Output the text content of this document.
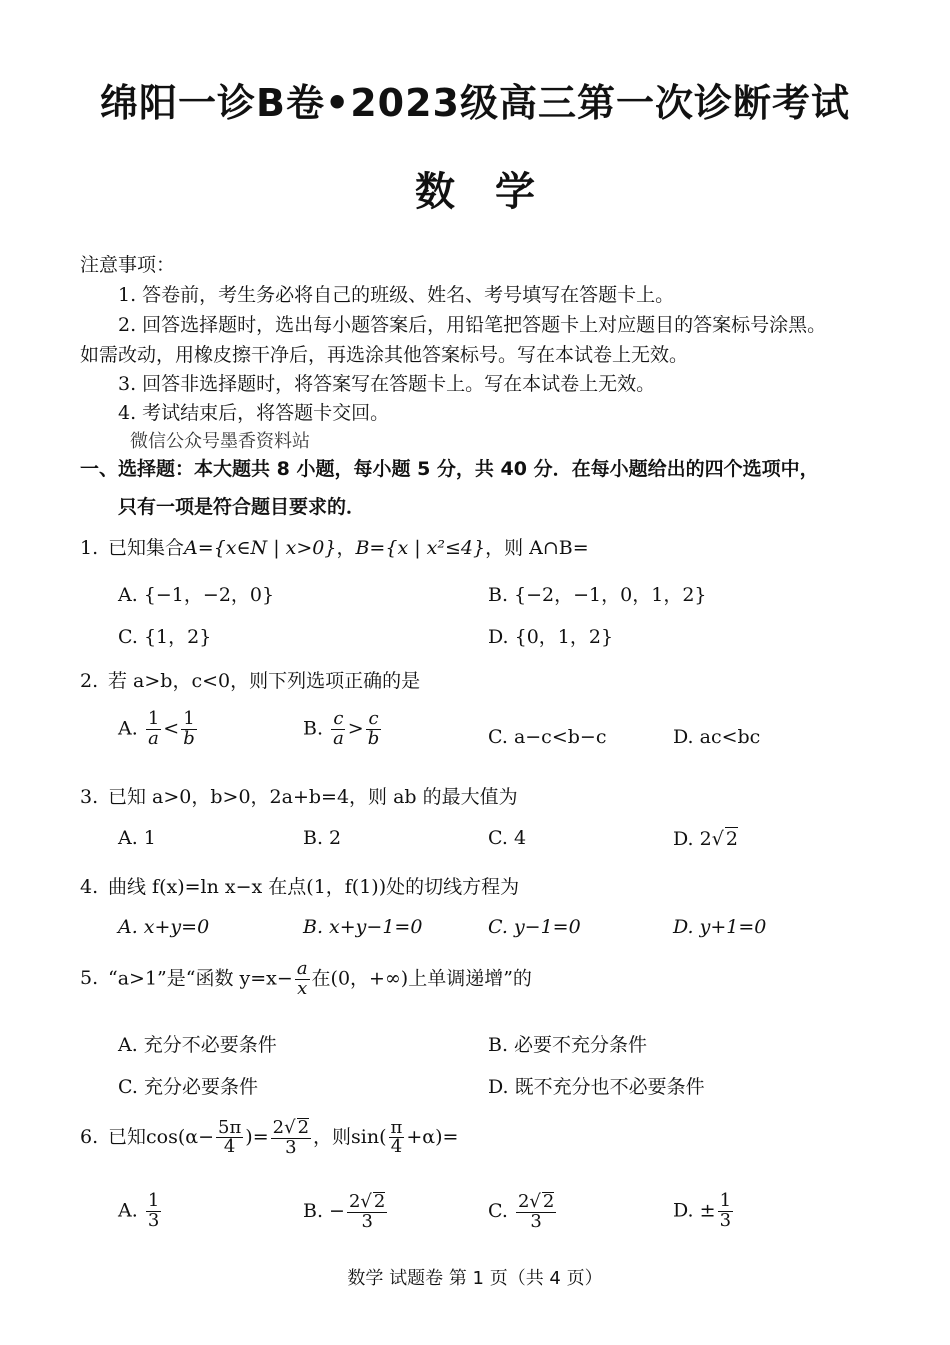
绵阳一诊B卷•2023级高三第一次诊断考试
数学
注意事项：
1. 答卷前，考生务必将自己的班级、姓名、考号填写在答题卡上。
2. 回答选择题时，选出每小题答案后，用铅笔把答题卡上对应题目的答案标号涂黑。
如需改动，用橡皮擦干净后，再选涂其他答案标号。写在本试卷上无效。
3. 回答非选择题时，将答案写在答题卡上。写在本试卷上无效。
4. 考试结束后，将答题卡交回。
微信公众号墨香资料站
一、选择题：本大题共 8 小题，每小题 5 分，共 40 分．在每小题给出的四个选项中，
只有一项是符合题目要求的．
1. 已知集合A={x∈N | x>0}，B={x | x²≤4}，则 A∩B=
A. {−1，−2，0}	B. {−2，−1，0，1，2}
C. {1，2}	D. {0，1，2}
2. 若 a>b，c<0，则下列选项正确的是
A. $\frac{1}{a} < \frac{1}{b}$	B. $\frac{c}{a} > \frac{c}{b}$	C. a−c<b−c	D. ac<bc
3. 已知 a>0，b>0，2a+b=4，则 ab 的最大值为
A. 1	B. 2	C. 4	D. 2√ 2
4. 曲线 f(x)=ln x−x 在点(1，f(1))处的切线方程为
A. x+y=0	B. x+y−1=0	C. y−1=0	D. y+1=0
5. “a>1”是“函数 $y=x- \frac{a}{x}$ 在(0，+∞)上单调递增”的
A. 充分不必要条件	B. 必要不充分条件
C. 充分必要条件	D. 既不充分也不必要条件
6. 已知$\cos(\alpha- \frac{5\pi}{4}$ )= $\frac{2√ 2}{3}$ ，则$\sin( \frac{\pi}{4} +\alpha)=$
A. $\frac{1}{3}$	B. − $\frac{2√ 2}{3}$	C. $\frac{2√ 2}{3}$	D. ± $\frac{1}{3}$
数学 试题卷 第 1 页（共 4 页）
